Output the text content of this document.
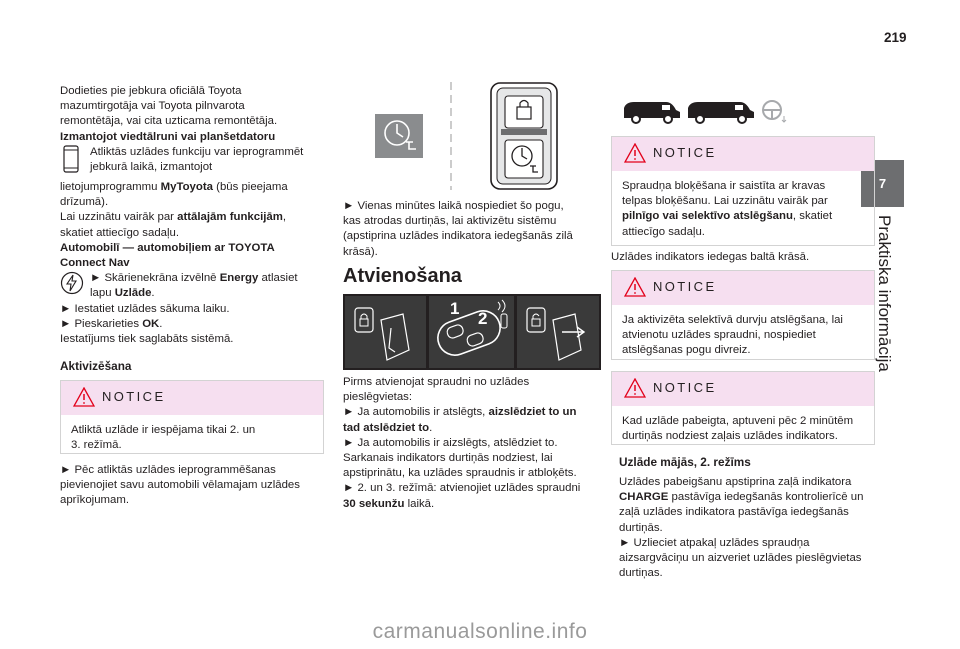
219
7
Praktiska informācija

Dodieties pie jebkura oficiālā Toyota

mazumtirgotāja vai Toyota pilnvarota

remontētāja, vai cita uzticama remontētāja.

Izmantojot viedtālruni vai planšetdatoru

Atliktās uzlādes funkciju var ieprogrammēt

jebkurā laikā, izmantojot

lietojumprogrammu MyToyota (būs pieejama

drīzumā).

Lai uzzinātu vairāk par attālajām funkcijām,

skatiet attiecīgo sadaļu.

Automobilī — automobiļiem ar TOYOTA

Connect Nav

► Skārienekrāna izvēlnē Energy atlasiet

lapu Uzlāde.

► Iestatiet uzlādes sākuma laiku.

► Pieskarieties OK.

Iestatījums tiek saglabāts sistēmā.

Aktivizēšana
NOTICE

Atliktā uzlāde ir iespējama tikai 2. un

3. režīmā.

► Pēc atliktās uzlādes ieprogrammēšanas

pievienojiet savu automobili vēlamajam uzlādes

aprīkojumam.

► Vienas minūtes laikā nospiediet šo pogu,

kas atrodas durtiņās, lai aktivizētu sistēmu

(apstiprina uzlādes indikatora iedegšanās zilā

krāsā).

Atvienošana
1
2

Pirms atvienojat spraudni no uzlādes

pieslēgvietas:

► Ja automobilis ir atslēgts, aizslēdziet to un

tad atslēdziet to.

► Ja automobilis ir aizslēgts, atslēdziet to.

Sarkanais indikators durtiņās nodziest, lai

apstiprinātu, ka uzlādes spraudnis ir atbloķēts.

► 2. un 3. režīmā: atvienojiet uzlādes spraudni

30 sekunžu laikā.

NOTICE

Spraudņa bloķēšana ir saistīta ar kravas

telpas bloķēšanu. Lai uzzinātu vairāk par

pilnīgo vai selektīvo atslēgšanu, skatiet

attiecīgo sadaļu.

Uzlādes indikators iedegas baltā krāsā.
NOTICE

Ja aktivizēta selektīvā durvju atslēgšana, lai

atvienotu uzlādes spraudni, nospiediet

atslēgšanas pogu divreiz.

NOTICE

Kad uzlāde pabeigta, aptuveni pēc 2 minūtēm

durtiņās nodziest zaļais uzlādes indikators.

Uzlāde mājās, 2. režīms

Uzlādes pabeigšanu apstiprina zaļā indikatora

CHARGE pastāvīga iedegšanās kontrolierīcē un

zaļā uzlādes indikatora pastāvīga iedegšanās

durtiņās.

► Uzlieciet atpakaļ uzlādes spraudņa

aizsargvāciņu un aizveriet uzlādes pieslēgvietas

durtiņas.

carmanualsonline.info
